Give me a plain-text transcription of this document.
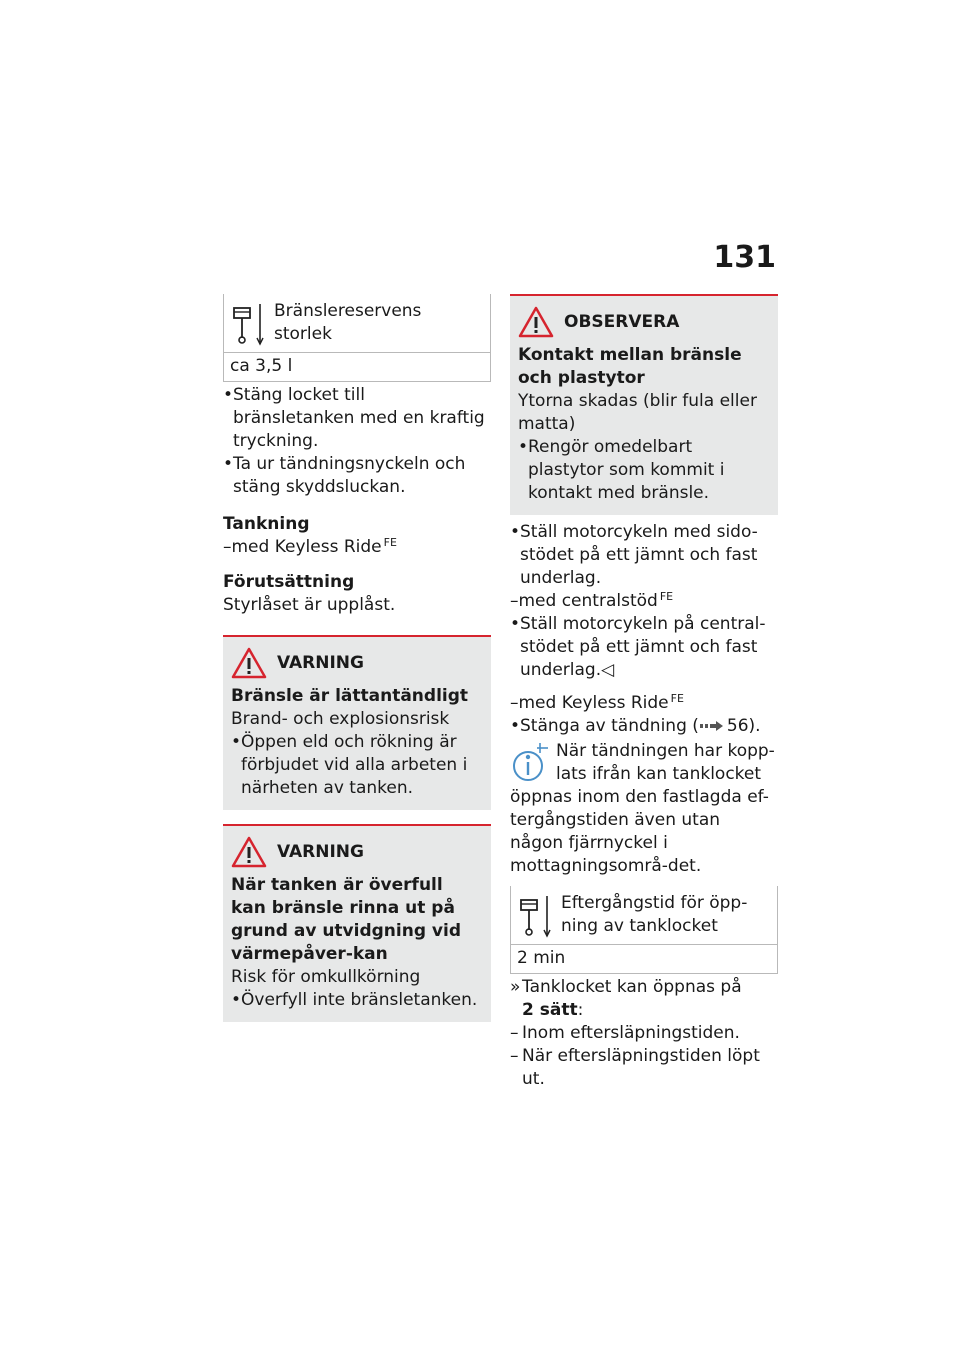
131
Bränslereservens storlek
ca 3,5 l
• Stäng locket till bränsletanken med en kraftig tryckning.
• Ta ur tändningsnyckeln och stäng skyddsluckan.
Tankning
–med Keyless Ride $^{FE}$
Förutsättning
Styrlåset är upplåst.
VARNING
Bränsle är lättantändligt
Brand- och explosionsrisk
• Öppen eld och rökning är förbjudet vid alla arbeten i närheten av tanken.
VARNING
När tanken är överfull kan bränsle rinna ut på grund av utvidgning vid värmepåver-kan
Risk för omkullkörning
• Överfyll inte bränsletanken.
OBSERVERA
Kontakt mellan bränsle och plastytor
Ytorna skadas (blir fula eller matta)
• Rengör omedelbart plastytor som kommit i kontakt med bränsle.
• Ställ motorcykeln med sido-stödet på ett jämnt och fast underlag.
–med centralstöd $^{FE}$
• Ställ motorcykeln på central-stödet på ett jämnt och fast underlag.◁
–med Keyless Ride $^{FE}$
• Stänga av tändning ( 56).
När tändningen har kopp-lats ifrån kan tanklocket öppnas inom den fastlagda ef-tergångstiden även utan någon fjärrnyckel i mottagningsområ-det.
Eftergångstid för öpp-ning av tanklocket
2 min
» Tanklocket kan öppnas på
2 sätt:
– Inom eftersläpningstiden.
– När eftersläpningstiden löpt ut.
